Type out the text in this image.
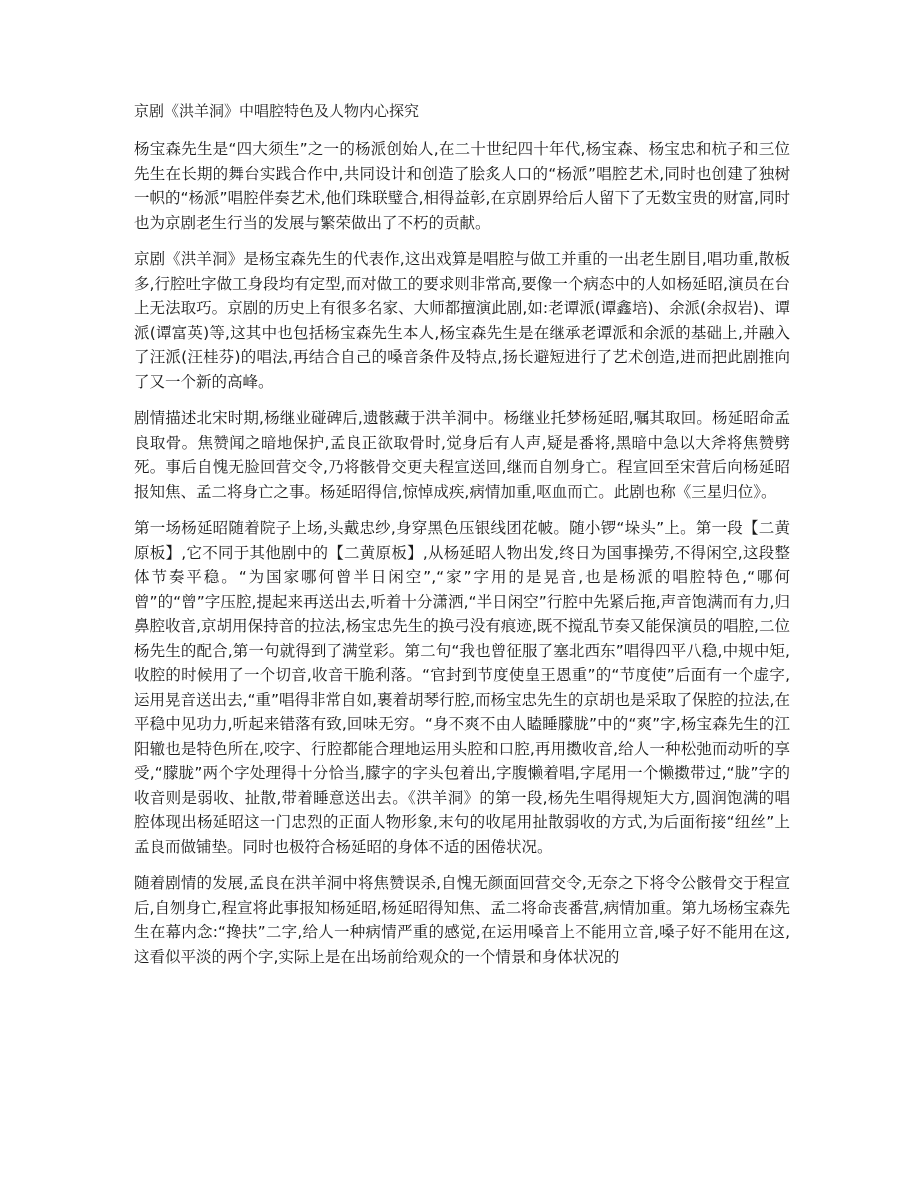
京剧《洪羊洞》中唱腔特色及人物内心探究

杨宝森先生是“四大须生”之一的杨派创始人,在二十世纪四十年代,杨宝森、杨宝忠和杭子和三位先生在长期的舞台实践合作中,共同设计和创造了脍炙人口的“杨派”唱腔艺术,同时也创建了独树一帜的“杨派”唱腔伴奏艺术,他们珠联璧合,相得益彰,在京剧界给后人留下了无数宝贵的财富,同时也为京剧老生行当的发展与繁荣做出了不朽的贡献。

京剧《洪羊洞》是杨宝森先生的代表作,这出戏算是唱腔与做工并重的一出老生剧目,唱功重,散板多,行腔吐字做工身段均有定型,而对做工的要求则非常高,要像一个病态中的人如杨延昭,演员在台上无法取巧。京剧的历史上有很多名家、大师都擅演此剧,如:老谭派(谭鑫培)、余派(余叔岩)、谭派(谭富英)等,这其中也包括杨宝森先生本人,杨宝森先生是在继承老谭派和余派的基础上,并融入了汪派(汪桂芬)的唱法,再结合自己的嗓音条件及特点,扬长避短进行了艺术创造,进而把此剧推向了又一个新的高峰。

剧情描述北宋时期,杨继业碰碑后,遗骸藏于洪羊洞中。杨继业托梦杨延昭,嘱其取回。杨延昭命孟良取骨。焦赞闻之暗地保护,孟良正欲取骨时,觉身后有人声,疑是番将,黑暗中急以大斧将焦赞劈死。事后自愧无脸回营交令,乃将骸骨交更夫程宣送回,继而自刎身亡。程宣回至宋营后向杨延昭报知焦、孟二将身亡之事。杨延昭得信,惊悼成疾,病情加重,呕血而亡。此剧也称《三星归位》。

第一场杨延昭随着院子上场,头戴忠纱,身穿黑色压银线团花帔。随小锣“垛头”上。第一段【二黄原板】,它不同于其他剧中的【二黄原板】,从杨延昭人物出发,终日为国事操劳,不得闲空,这段整体节奏平稳。“为国家哪何曾半日闲空”,“家”字用的是晃音,也是杨派的唱腔特色,“哪何曾”的“曾”字压腔,提起来再送出去,听着十分潇洒,“半日闲空”行腔中先紧后拖,声音饱满而有力,归鼻腔收音,京胡用保持音的拉法,杨宝忠先生的换弓没有痕迹,既不搅乱节奏又能保演员的唱腔,二位杨先生的配合,第一句就得到了满堂彩。第二句“我也曾征服了塞北西东”唱得四平八稳,中规中矩,收腔的时候用了一个切音,收音干脆利落。“官封到节度使皇王恩重”的“节度使”后面有一个虚字,运用晃音送出去,“重”唱得非常自如,裹着胡琴行腔,而杨宝忠先生的京胡也是采取了保腔的拉法,在平稳中见功力,听起来错落有致,回味无穷。“身不爽不由人瞌睡朦胧”中的“爽”字,杨宝森先生的江阳辙也是特色所在,咬字、行腔都能合理地运用头腔和口腔,再用擞收音,给人一种松弛而动听的享受,“朦胧”两个字处理得十分恰当,朦字的字头包着出,字腹懒着唱,字尾用一个懒擞带过,“胧”字的收音则是弱收、扯散,带着睡意送出去。《洪羊洞》的第一段,杨先生唱得规矩大方,圆润饱满的唱腔体现出杨延昭这一门忠烈的正面人物形象,末句的收尾用扯散弱收的方式,为后面衔接“纽丝”上孟良而做铺垫。同时也极符合杨延昭的身体不适的困倦状况。

随着剧情的发展,孟良在洪羊洞中将焦赞误杀,自愧无颜面回营交令,无奈之下将令公骸骨交于程宣后,自刎身亡,程宣将此事报知杨延昭,杨延昭得知焦、孟二将命丧番营,病情加重。第九场杨宝森先生在幕内念:“搀扶”二字,给人一种病情严重的感觉,在运用嗓音上不能用立音,嗓子好不能用在这,这看似平淡的两个字,实际上是在出场前给观众的一个情景和身体状况的
